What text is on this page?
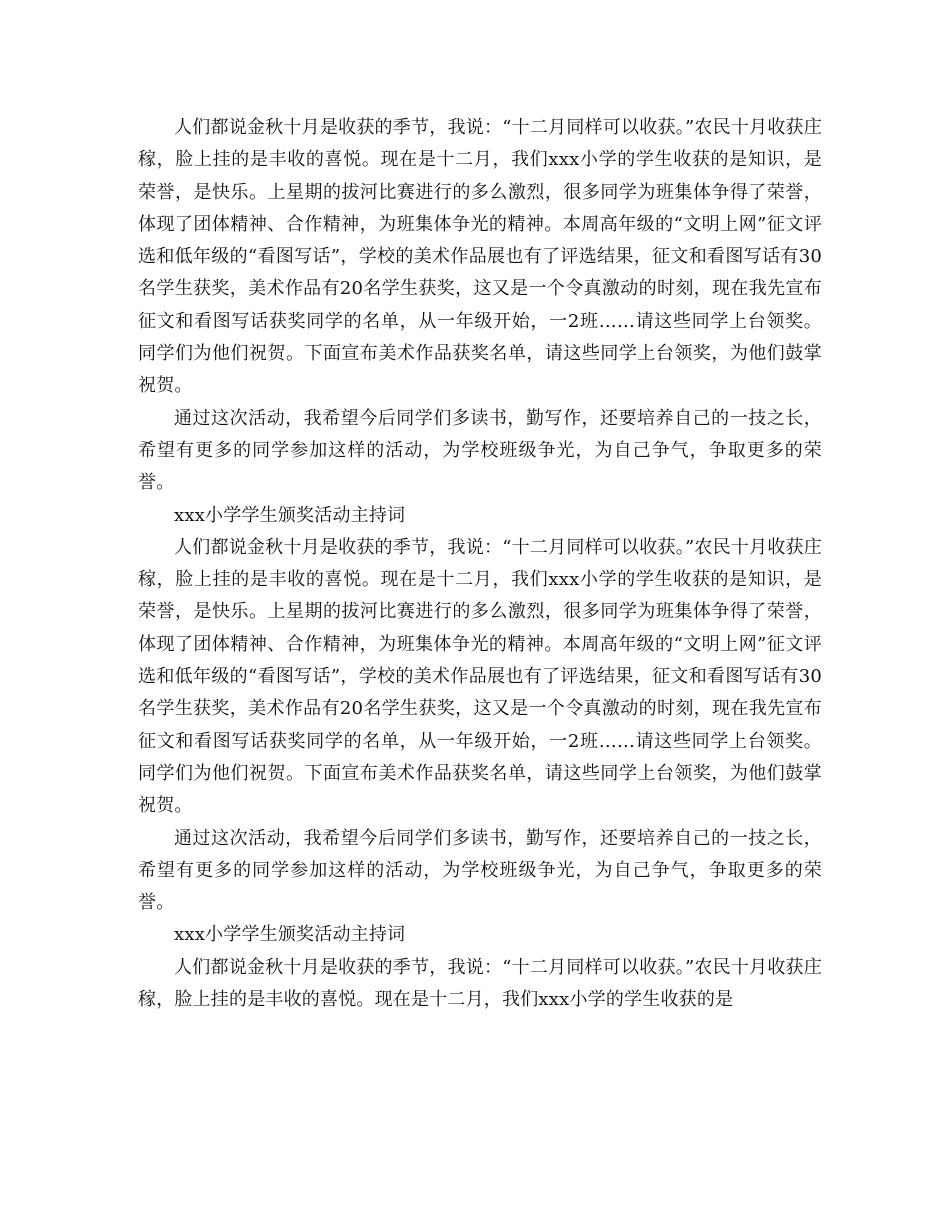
人们都说金秋十月是收获的季节，我说：“十二月同样可以收获。”农民十月收获庄稼，脸上挂的是丰收的喜悦。现在是十二月，我们xxx小学的学生收获的是知识，是荣誉，是快乐。上星期的拔河比赛进行的多么激烈，很多同学为班集体争得了荣誉，体现了团体精神、合作精神，为班集体争光的精神。本周高年级的“文明上网”征文评选和低年级的“看图写话”，学校的美术作品展也有了评选结果，征文和看图写话有30名学生获奖，美术作品有20名学生获奖，这又是一个令真激动的时刻，现在我先宣布征文和看图写话获奖同学的名单，从一年级开始，一2班……请这些同学上台领奖。同学们为他们祝贺。下面宣布美术作品获奖名单，请这些同学上台领奖，为他们鼓掌祝贺。

通过这次活动，我希望今后同学们多读书，勤写作，还要培养自己的一技之长，希望有更多的同学参加这样的活动，为学校班级争光，为自己争气，争取更多的荣誉。

xxx小学学生颁奖活动主持词

人们都说金秋十月是收获的季节，我说：“十二月同样可以收获。”农民十月收获庄稼，脸上挂的是丰收的喜悦。现在是十二月，我们xxx小学的学生收获的是知识，是荣誉，是快乐。上星期的拔河比赛进行的多么激烈，很多同学为班集体争得了荣誉，体现了团体精神、合作精神，为班集体争光的精神。本周高年级的“文明上网”征文评选和低年级的“看图写话”，学校的美术作品展也有了评选结果，征文和看图写话有30名学生获奖，美术作品有20名学生获奖，这又是一个令真激动的时刻，现在我先宣布征文和看图写话获奖同学的名单，从一年级开始，一2班……请这些同学上台领奖。同学们为他们祝贺。下面宣布美术作品获奖名单，请这些同学上台领奖，为他们鼓掌祝贺。

通过这次活动，我希望今后同学们多读书，勤写作，还要培养自己的一技之长，希望有更多的同学参加这样的活动，为学校班级争光，为自己争气，争取更多的荣誉。

xxx小学学生颁奖活动主持词

人们都说金秋十月是收获的季节，我说：“十二月同样可以收获。”农民十月收获庄稼，脸上挂的是丰收的喜悦。现在是十二月，我们xxx小学的学生收获的是
